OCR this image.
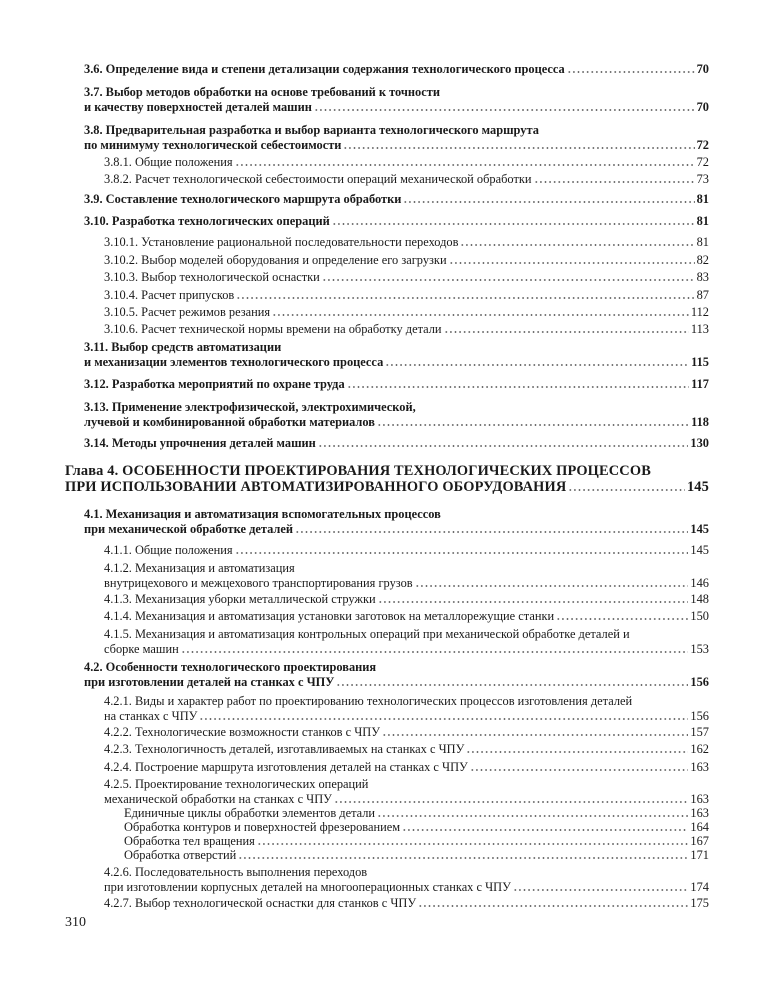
3.6. Определение вида и степени детализации содержания технологического процесса	70
3.7. Выбор методов обработки на основе требований к точности
и качеству поверхностей деталей машин	70
3.8. Предварительная разработка и выбор варианта технологического маршрута
по минимуму технологической себестоимости	72
3.8.1. Общие положения	72
3.8.2. Расчет технологической себестоимости операций механической обработки	73
3.9. Составление технологического маршрута обработки	81
3.10. Разработка технологических операций	81
3.10.1. Установление рациональной последовательности переходов	81
3.10.2. Выбор моделей оборудования и определение его загрузки	82
3.10.3. Выбор технологической оснастки	83
3.10.4. Расчет припусков	87
3.10.5. Расчет режимов резания	112
3.10.6. Расчет технической нормы времени на обработку детали	113
3.11. Выбор средств автоматизации
и механизации элементов технологического процесса	115
3.12. Разработка мероприятий по охране труда	117
3.13. Применение электрофизической, электрохимической,
лучевой и комбинированной обработки материалов	118
3.14. Методы упрочнения деталей машин	130
Глава 4. ОСОБЕННОСТИ ПРОЕКТИРОВАНИЯ ТЕХНОЛОГИЧЕСКИХ ПРОЦЕССОВ
ПРИ ИСПОЛЬЗОВАНИИ АВТОМАТИЗИРОВАННОГО ОБОРУДОВАНИЯ	145
4.1. Механизация и автоматизация вспомогательных процессов
при механической обработке деталей	145
4.1.1. Общие положения	145
4.1.2. Механизация и автоматизация
внутрицехового и межцехового транспортирования грузов	146
4.1.3. Механизация уборки металлической стружки	148
4.1.4. Механизация и автоматизация установки заготовок на металлорежущие станки	150
4.1.5. Механизация и автоматизация контрольных операций при механической обработке деталей и
сборке машин	153
4.2. Особенности технологического проектирования
при изготовлении деталей на станках с ЧПУ	156
4.2.1. Виды и характер работ по проектированию технологических процессов изготовления деталей
на станках с ЧПУ	156
4.2.2. Технологические возможности станков с ЧПУ	157
4.2.3. Технологичность деталей, изготавливаемых на станках с ЧПУ	162
4.2.4. Построение маршрута изготовления деталей на станках с ЧПУ	163
4.2.5. Проектирование технологических операций
механической обработки на станках с ЧПУ	163
Единичные циклы обработки элементов детали	163
Обработка контуров и поверхностей фрезерованием	164
Обработка тел вращения	167
Обработка отверстий	171
4.2.6. Последовательность выполнения переходов
при изготовлении корпусных деталей на многооперационных станках с ЧПУ	174
4.2.7. Выбор технологической оснастки для станков с ЧПУ	175
310
